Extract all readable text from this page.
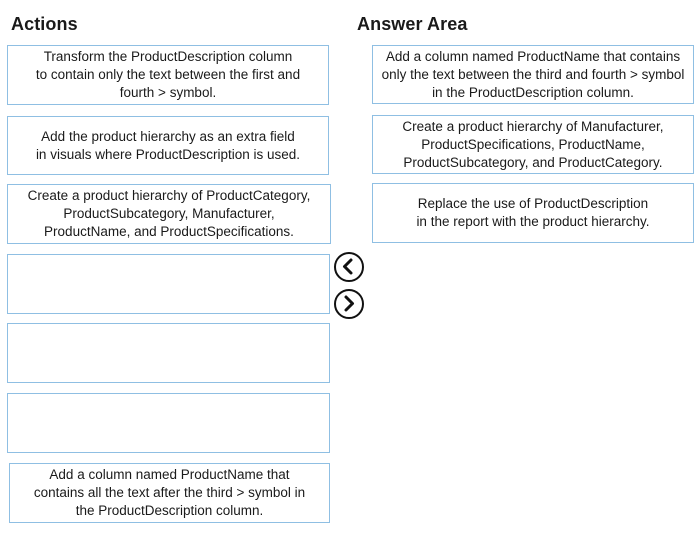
Actions	Answer Area
Transform the ProductDescription column
to contain only the text between the first and
fourth > symbol.
Add the product hierarchy as an extra field
in visuals where ProductDescription is used.
Create a product hierarchy of ProductCategory,
ProductSubcategory, Manufacturer,
ProductName, and ProductSpecifications.
Add a column named ProductName that
contains all the text after the third > symbol in
the ProductDescription column.
Add a column named ProductName that contains
only the text between the third and fourth > symbol
in the ProductDescription column.
Create a product hierarchy of Manufacturer,
ProductSpecifications, ProductName,
ProductSubcategory, and ProductCategory.
Replace the use of ProductDescription
in the report with the product hierarchy.
